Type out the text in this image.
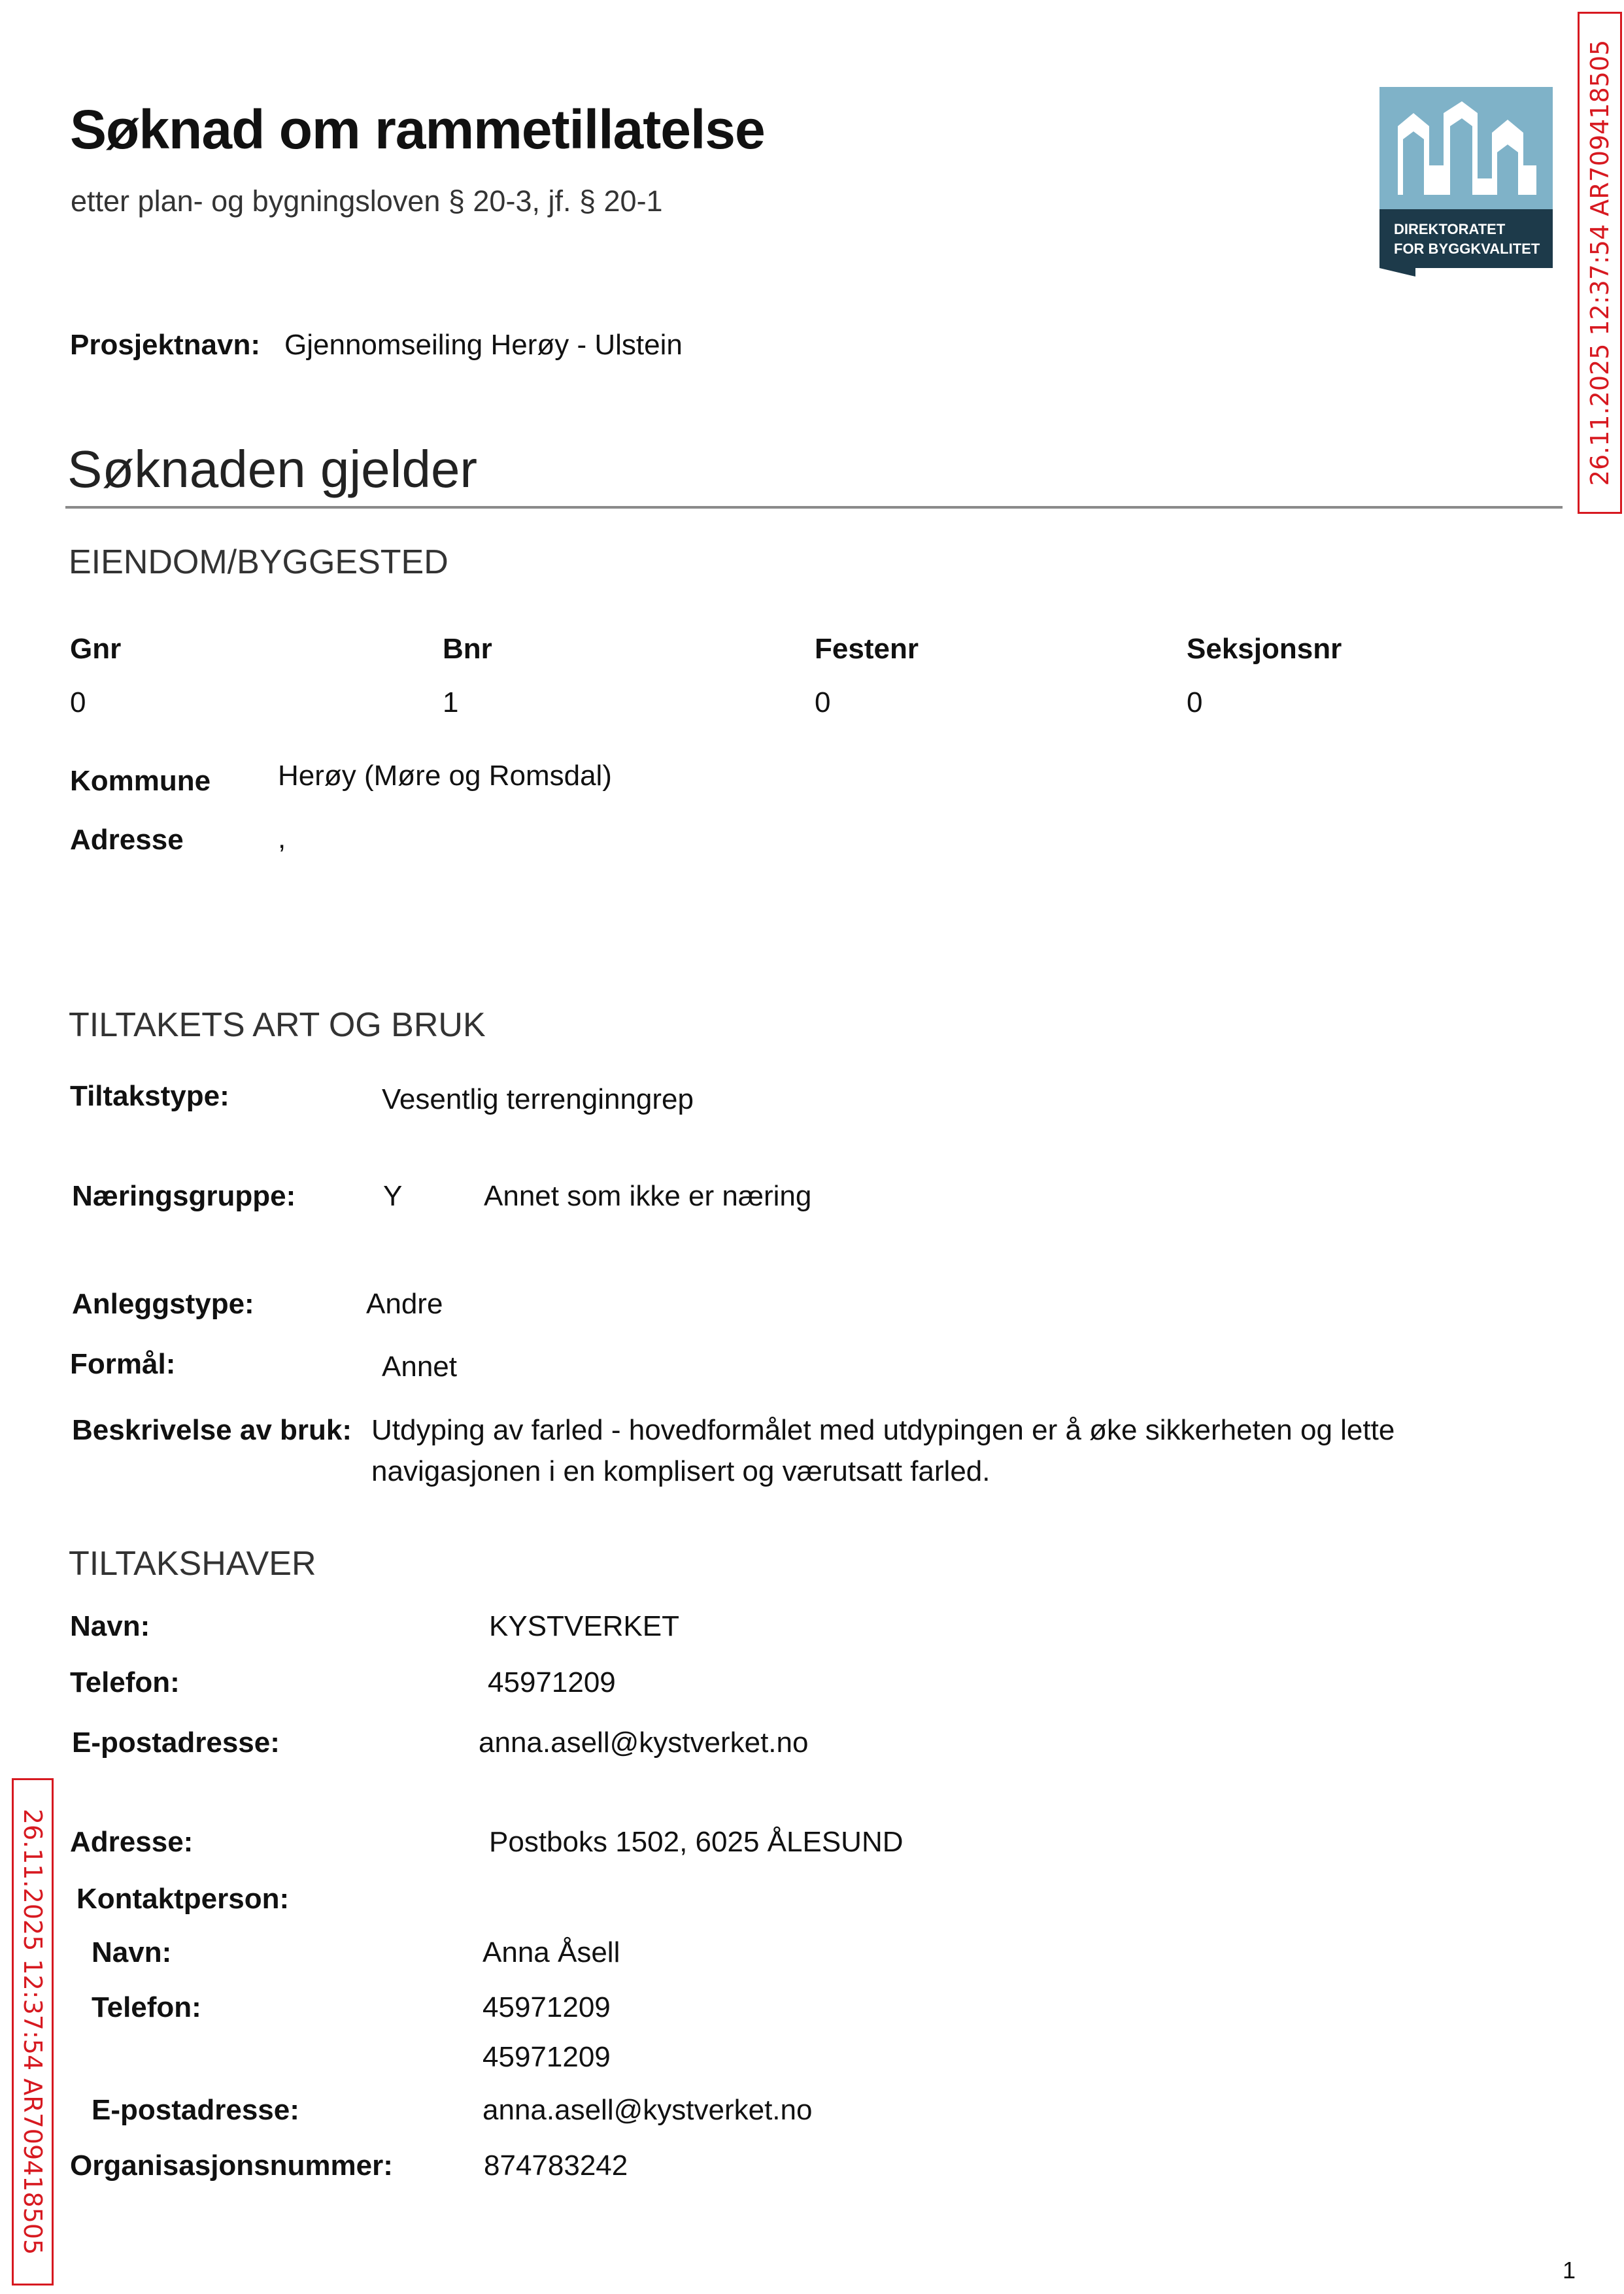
Søknad om rammetillatelse
etter plan- og bygningsloven § 20-3, jf. § 20-1
DIREKTORATET
FOR BYGGKVALITET 26.11.2025 12:37:54 AR709418505
26.11.2025 12:37:54 AR709418505
Prosjektnavn: Gjennomseiling Herøy - Ulstein
Søknaden gjelder
EIENDOM/BYGGESTED
Gnr	Bnr	Festenr	Seksjonsnr
0	1	0	0
Kommune Herøy (Møre og Romsdal)
Adresse	,
TILTAKETS ART OG BRUK
Tiltakstype:	Vesentlig terrenginngrep
Næringsgruppe:	Y	Annet som ikke er næring
Anleggstype:	Andre
Formål:	Annet
Beskrivelse av bruk: Utdyping av farled - hovedformålet med utdypingen er å øke sikkerheten og lette
navigasjonen i en komplisert og værutsatt farled.
TILTAKSHAVER
Navn:	KYSTVERKET
Telefon:	45971209
E-postadresse:	anna.asell@kystverket.no
Adresse:	Postboks 1502, 6025 ÅLESUND
Kontaktperson:
Navn:	Anna Åsell
Telefon:	45971209
45971209
E-postadresse:	anna.asell@kystverket.no
Organisasjonsnummer:	874783242
1
